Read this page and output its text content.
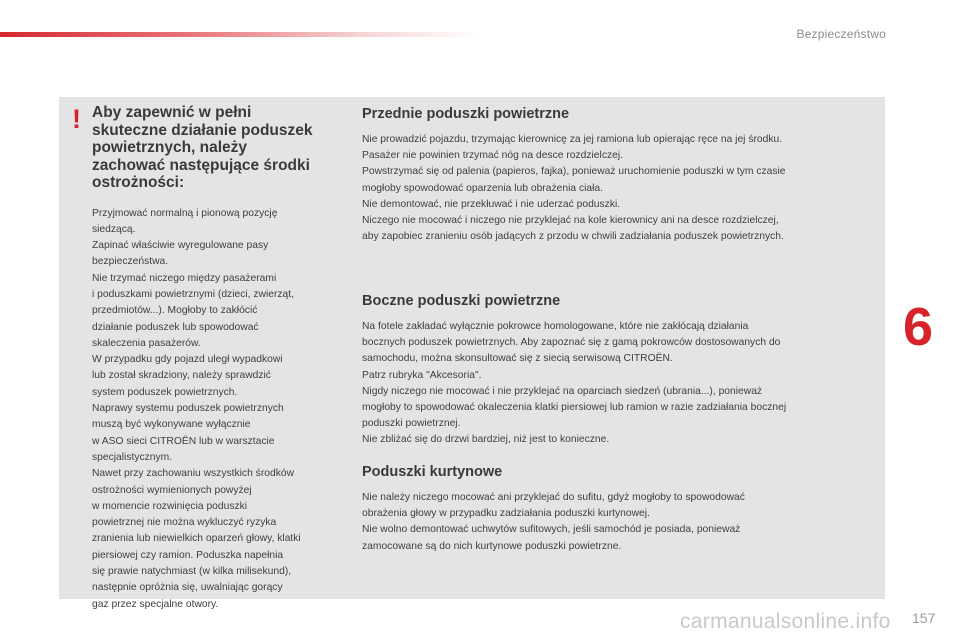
Bezpieczeństwo
! Aby zapewnić w pełni
skuteczne działanie poduszek
powietrznych, należy
zachować następujące środki
ostrożności:
Przyjmować normalną i pionową pozycję
siedzącą.
Zapinać właściwie wyregulowane pasy
bezpieczeństwa.
Nie trzymać niczego między pasażerami
i poduszkami powietrznymi (dzieci, zwierząt,
przedmiotów...). Mogłoby to zakłócić
działanie poduszek lub spowodować
skaleczenia pasażerów.
W przypadku gdy pojazd uległ wypadkowi
lub został skradziony, należy sprawdzić
system poduszek powietrznych.
Naprawy systemu poduszek powietrznych
muszą być wykonywane wyłącznie
w ASO sieci CITROËN lub w warsztacie
specjalistycznym.
Nawet przy zachowaniu wszystkich środków
ostrożności wymienionych powyżej
w momencie rozwinięcia poduszki
powietrznej nie można wykluczyć ryzyka
zranienia lub niewielkich oparzeń głowy, klatki
piersiowej czy ramion. Poduszka napełnia
się prawie natychmiast (w kilka milisekund),
następnie opróżnia się, uwalniając gorący
gaz przez specjalne otwory.
Przednie poduszki powietrzne
Nie prowadzić pojazdu, trzymając kierownicę za jej ramiona lub opierając ręce na jej środku.
Pasażer nie powinien trzymać nóg na desce rozdzielczej.
Powstrzymać się od palenia (papieros, fajka), ponieważ uruchomienie poduszki w tym czasie
mogłoby spowodować oparzenia lub obrażenia ciała.
Nie demontować, nie przekłuwać i nie uderzać poduszki.
Niczego nie mocować i niczego nie przyklejać na kole kierownicy ani na desce rozdzielczej,
aby zapobiec zranieniu osób jadących z przodu w chwili zadziałania poduszek powietrznych.
Boczne poduszki powietrzne
Na fotele zakładać wyłącznie pokrowce homologowane, które nie zakłócają działania
bocznych poduszek powietrznych. Aby zapoznać się z gamą pokrowców dostosowanych do
samochodu, można skonsultować się z siecią serwisową CITROËN.
Patrz rubryka "Akcesoria".
Nigdy niczego nie mocować i nie przyklejać na oparciach siedzeń (ubrania...), ponieważ
mogłoby to spowodować okaleczenia klatki piersiowej lub ramion w razie zadziałania bocznej
poduszki powietrznej.
Nie zbliżać się do drzwi bardziej, niż jest to konieczne.
Poduszki kurtynowe
Nie należy niczego mocować ani przyklejać do sufitu, gdyż mogłoby to spowodować
obrażenia głowy w przypadku zadziałania poduszki kurtynowej.
Nie wolno demontować uchwytów sufitowych, jeśli samochód je posiada, ponieważ
zamocowane są do nich kurtynowe poduszki powietrzne.
6
carmanualsonline.info 157
